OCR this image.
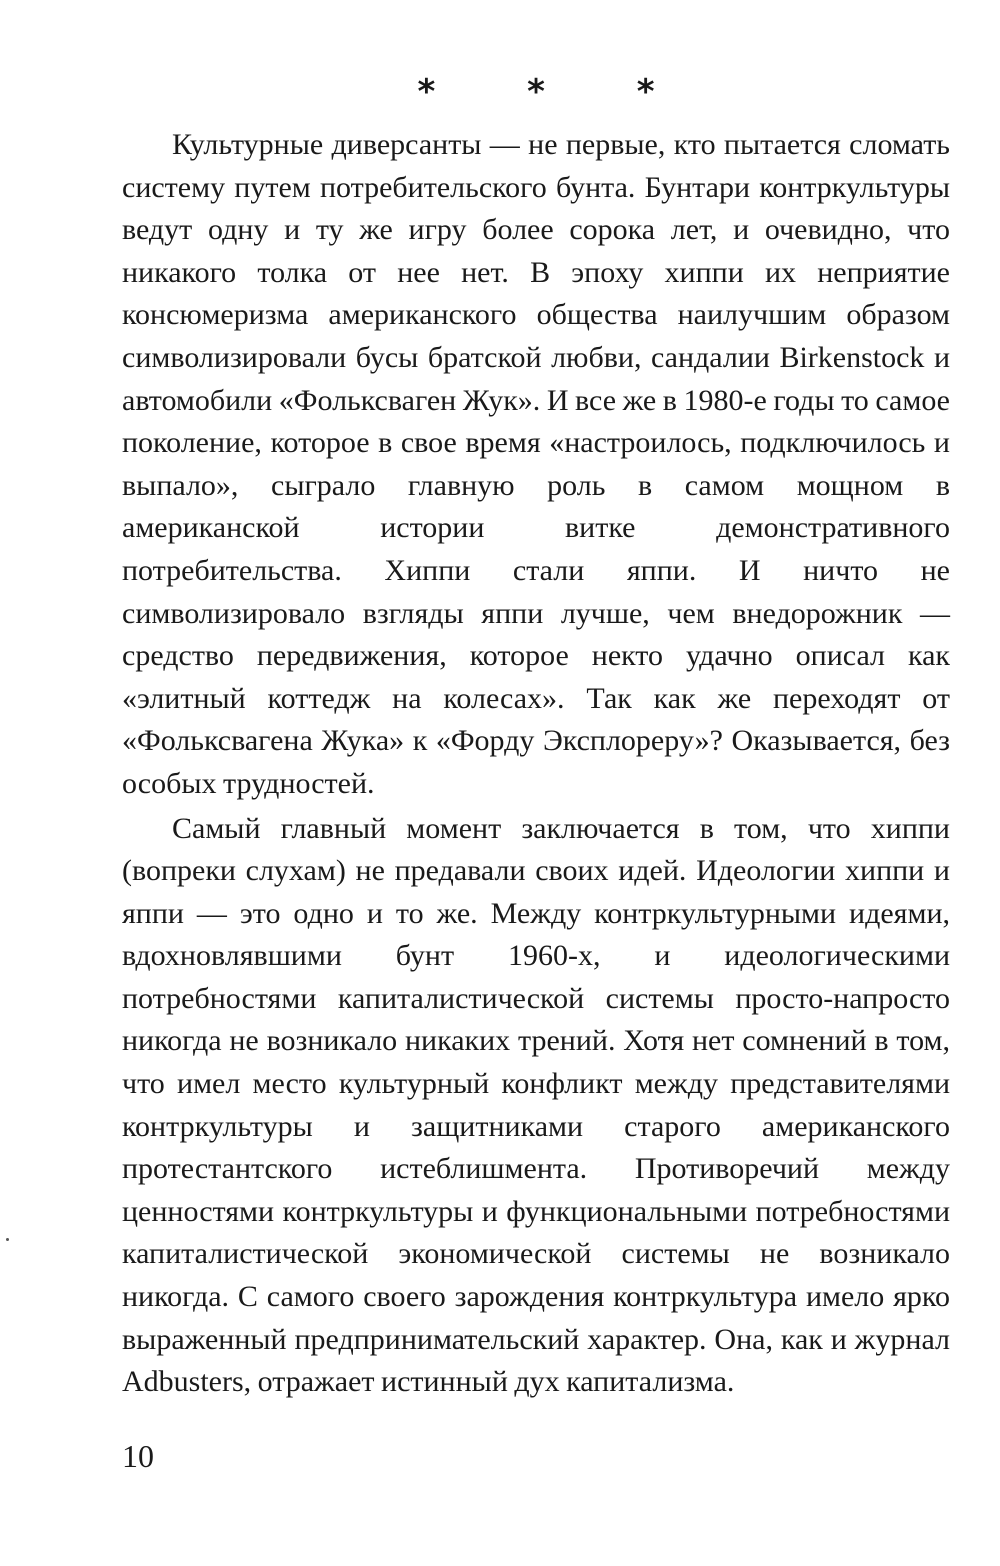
* * *

Культурные диверсанты — не первые, кто пытается сломать систему путем потребительского бунта. Бунтари контркультуры ведут одну и ту же игру более сорока лет, и очевидно, что никакого толка от нее нет. В эпоху хиппи их неприятие консюмеризма американского общества наилучшим образом символизировали бусы братской любви, сандалии Birkenstock и автомобили «Фольксваген Жук». И все же в 1980-е годы то самое поколение, которое в свое время «настроилось, подключилось и выпало», сыграло главную роль в самом мощном в американской истории витке демонстративного потребительства. Хиппи стали яппи. И ничто не символизировало взгляды яппи лучше, чем внедорожник — средство передвижения, которое некто удачно описал как «элитный коттедж на колесах». Так как же переходят от «Фольксвагена Жука» к «Форду Эксплореру»? Оказывается, без особых трудностей.

Самый главный момент заключается в том, что хиппи (вопреки слухам) не предавали своих идей. Идеологии хиппи и яппи — это одно и то же. Между контркультурными идеями, вдохновлявшими бунт 1960-х, и идеологическими потребностями капиталистической системы просто-напросто никогда не возникало никаких трений. Хотя нет сомнений в том, что имел место культурный конфликт между представителями контркультуры и защитниками старого американского протестантского истеблишмента. Противоречий между ценностями контркультуры и функциональными потребностями капиталистической экономической системы не возникало никогда. С самого своего зарождения контркультура имело ярко выраженный предпринимательский характер. Она, как и журнал Adbusters, отражает истинный дух капитализма.

10
